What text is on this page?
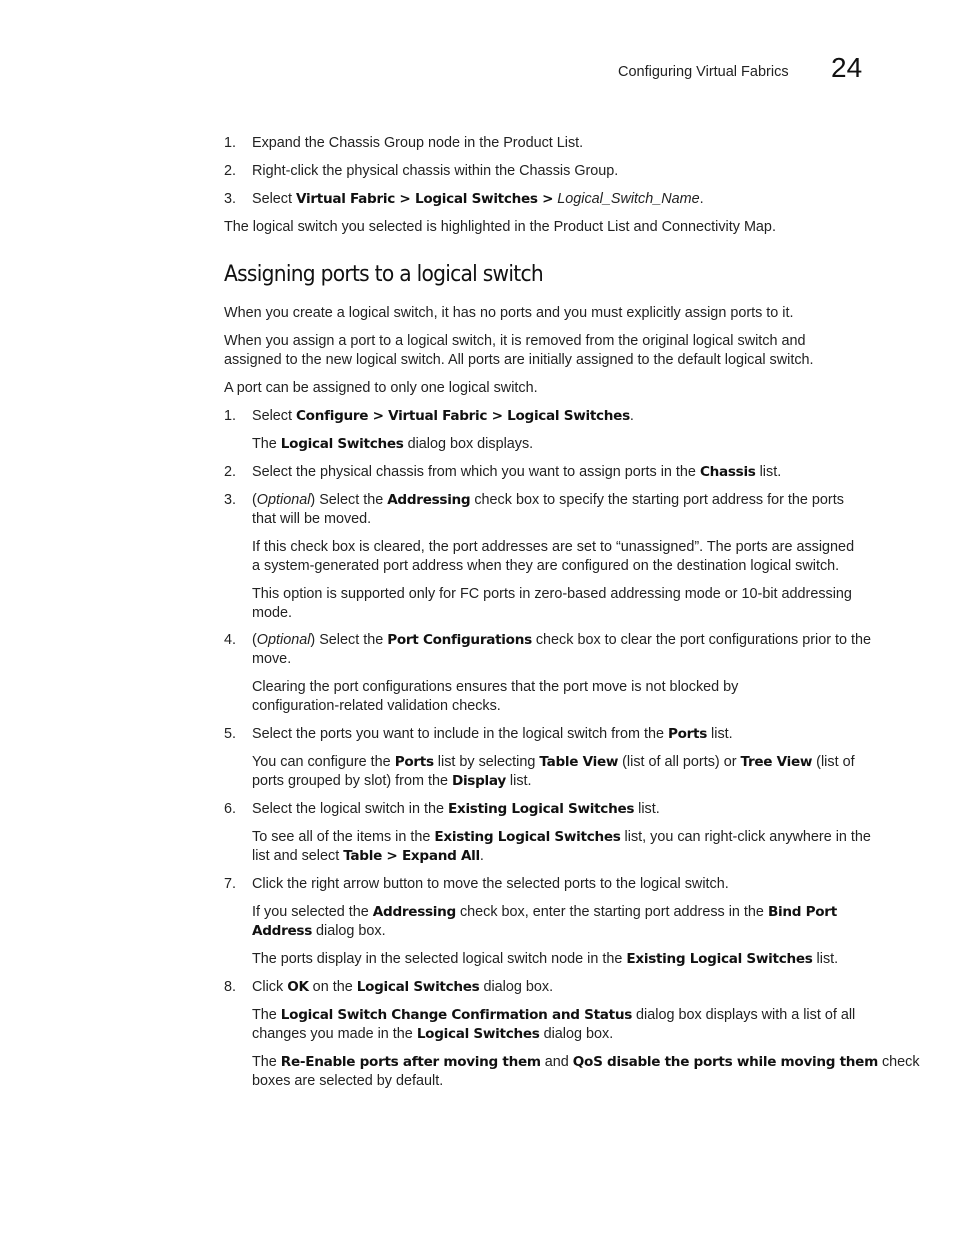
Configuring Virtual Fabrics 24
1. Expand the Chassis Group node in the Product List.

2. Right-click the physical chassis within the Chassis Group.

3. Select Virtual Fabric > Logical Switches > Logical_Switch_Name.

The logical switch you selected is highlighted in the Product List and Connectivity Map.

Assigning ports to a logical switch

When you create a logical switch, it has no ports and you must explicitly assign ports to it.

When you assign a port to a logical switch, it is removed from the original logical switch and

assigned to the new logical switch. All ports are initially assigned to the default logical switch.

A port can be assigned to only one logical switch.

1. Select Configure > Virtual Fabric > Logical Switches.

The Logical Switches dialog box displays.

2. Select the physical chassis from which you want to assign ports in the Chassis list.

3. (Optional) Select the Addressing check box to specify the starting port address for the ports

that will be moved.

If this check box is cleared, the port addresses are set to “unassigned”. The ports are assigned

a system-generated port address when they are configured on the destination logical switch.

This option is supported only for FC ports in zero-based addressing mode or 10-bit addressing

mode.

4. (Optional) Select the Port Configurations check box to clear the port configurations prior to the

move.

Clearing the port configurations ensures that the port move is not blocked by

configuration-related validation checks.

5. Select the ports you want to include in the logical switch from the Ports list.

You can configure the Ports list by selecting Table View (list of all ports) or Tree View (list of

ports grouped by slot) from the Display list.

6. Select the logical switch in the Existing Logical Switches list.

To see all of the items in the Existing Logical Switches list, you can right-click anywhere in the

list and select Table > Expand All.

7. Click the right arrow button to move the selected ports to the logical switch.

If you selected the Addressing check box, enter the starting port address in the Bind Port

Address dialog box.

The ports display in the selected logical switch node in the Existing Logical Switches list.

8. Click OK on the Logical Switches dialog box.

The Logical Switch Change Confirmation and Status dialog box displays with a list of all

changes you made in the Logical Switches dialog box.

The Re-Enable ports after moving them and QoS disable the ports while moving them check

boxes are selected by default.
